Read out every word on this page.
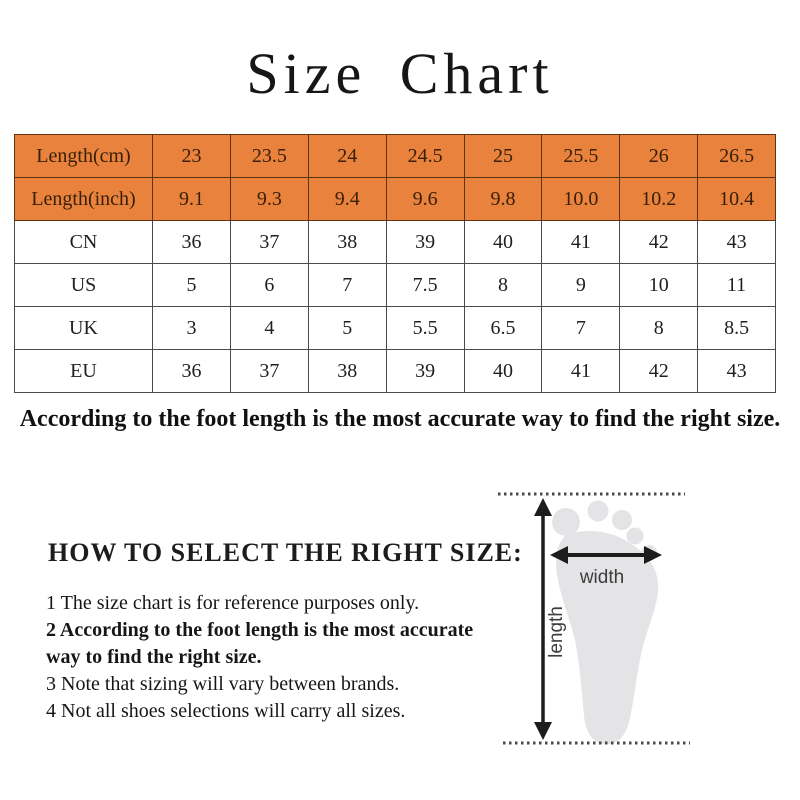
Size Chart
Length(cm)	23	23.5	24	24.5	25	25.5	26	26.5
Length(inch)	9.1	9.3	9.4	9.6	9.8	10.0	10.2	10.4
CN	36	37	38	39	40	41	42	43
US	5	6	7	7.5	8	9	10	11
UK	3	4	5	5.5	6.5	7	8	8.5
EU	36	37	38	39	40	41	42	43
According to the foot length is the most accurate way to find the right size.
HOW TO SELECT THE RIGHT SIZE:
1 The size chart is for reference purposes only.
2 According to the foot length is the most accurate way to find the right size.
3 Note that sizing will vary between brands.
4 Not all shoes selections will carry all sizes.
width
length
